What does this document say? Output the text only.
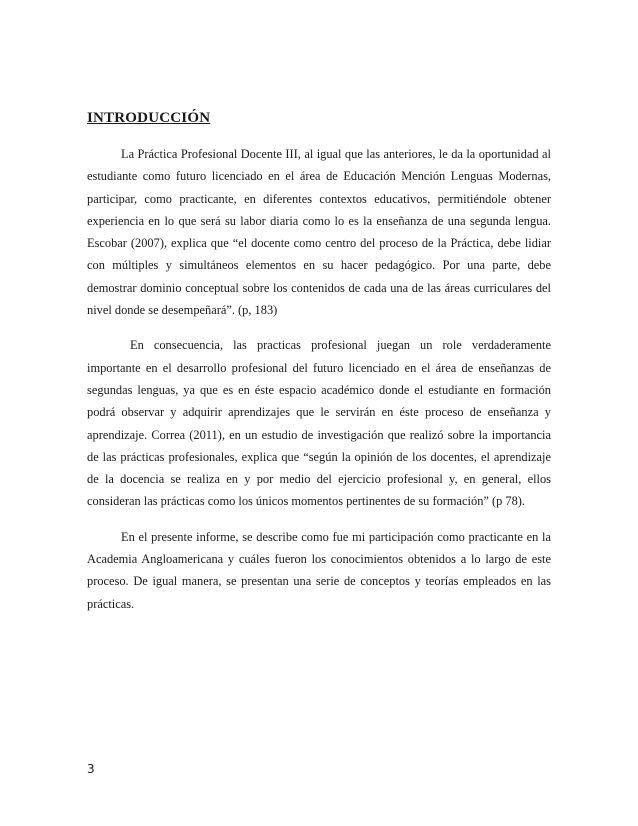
INTRODUCCIÓN

La Práctica Profesional Docente III, al igual que las anteriores, le da la oportunidad al estudiante como futuro licenciado en el área de Educación Mención Lenguas Modernas, participar, como practicante, en diferentes contextos educativos, permitiéndole obtener experiencia en lo que será su labor diaria como lo es la enseñanza de una segunda lengua. Escobar (2007), explica que “el docente como centro del proceso de la Práctica, debe lidiar con múltiples y simultáneos elementos en su hacer pedagógico. Por una parte, debe demostrar dominio conceptual sobre los contenidos de cada una de las áreas curriculares del nivel donde se desempeñará”. (p, 183)

En consecuencia, las practicas profesional juegan un role verdaderamente importante en el desarrollo profesional del futuro licenciado en el área de enseñanzas de segundas lenguas, ya que es en éste espacio académico donde el estudiante en formación podrá observar y adquirir aprendizajes que le servirán en éste proceso de enseñanza y aprendizaje. Correa (2011), en un estudio de investigación que realizó sobre la importancia de las prácticas profesionales, explica que “según la opinión de los docentes, el aprendizaje de la docencia se realiza en y por medio del ejercicio profesional y, en general, ellos consideran las prácticas como los únicos momentos pertinentes de su formación” (p 78).

En el presente informe, se describe como fue mi participación como practicante en la Academia Angloamericana y cuáles fueron los conocimientos obtenidos a lo largo de este proceso. De igual manera, se presentan una serie de conceptos y teorías empleados en las prácticas.

3
